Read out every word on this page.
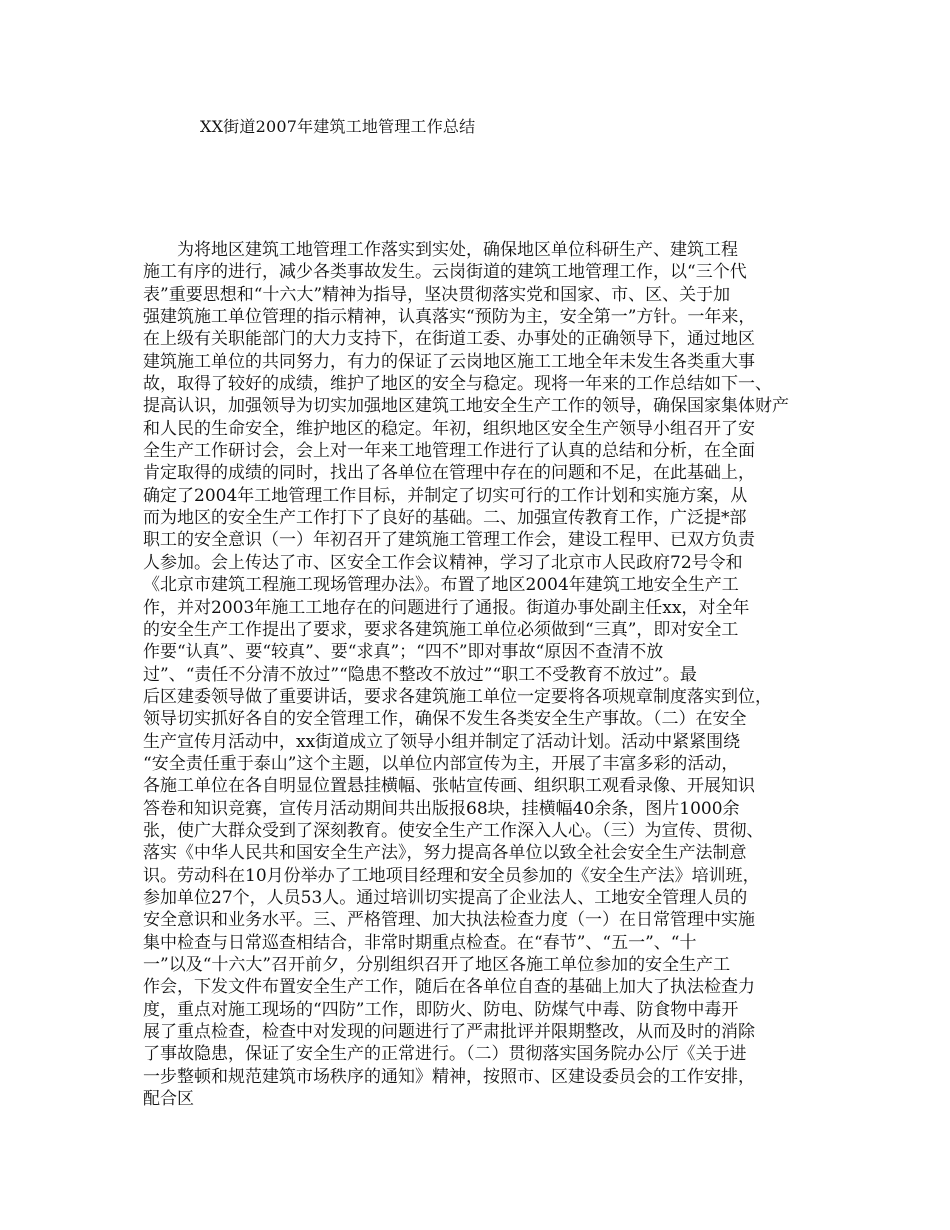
XX街道2007年建筑工地管理工作总结
为将地区建筑工地管理工作落实到实处，确保地区单位科研生产、建筑工程
施工有序的进行，减少各类事故发生。云岗街道的建筑工地管理工作，以“三个代
表”重要思想和“十六大”精神为指导，坚决贯彻落实党和国家、市、区、关于加
强建筑施工单位管理的指示精神，认真落实“预防为主，安全第一”方针。一年来，
在上级有关职能部门的大力支持下，在街道工委、办事处的正确领导下，通过地区
建筑施工单位的共同努力，有力的保证了云岗地区施工工地全年未发生各类重大事
故，取得了较好的成绩，维护了地区的安全与稳定。现将一年来的工作总结如下一、
提高认识，加强领导为切实加强地区建筑工地安全生产工作的领导，确保国家集体财产
和人民的生命安全，维护地区的稳定。年初，组织地区安全生产领导小组召开了安
全生产工作研讨会，会上对一年来工地管理工作进行了认真的总结和分析，在全面
肯定取得的成绩的同时，找出了各单位在管理中存在的问题和不足，在此基础上，
确定了2004年工地管理工作目标，并制定了切实可行的工作计划和实施方案，从
而为地区的安全生产工作打下了良好的基础。二、加强宣传教育工作，广泛提*部
职工的安全意识（一）年初召开了建筑施工管理工作会，建设工程甲、已双方负责
人参加。会上传达了市、区安全工作会议精神，学习了北京市人民政府72号令和
《北京市建筑工程施工现场管理办法》。布置了地区2004年建筑工地安全生产工
作，并对2003年施工工地存在的问题进行了通报。街道办事处副主任xx，对全年
的安全生产工作提出了要求，要求各建筑施工单位必须做到“三真”，即对安全工
作要“认真”、要“较真”、要“求真”；“四不”即对事故“原因不查清不放
过”、“责任不分清不放过”“隐患不整改不放过”“职工不受教育不放过”。最
后区建委领导做了重要讲话，要求各建筑施工单位一定要将各项规章制度落实到位，
领导切实抓好各自的安全管理工作，确保不发生各类安全生产事故。（二）在安全
生产宣传月活动中，xx街道成立了领导小组并制定了活动计划。活动中紧紧围绕
“安全责任重于泰山”这个主题，以单位内部宣传为主，开展了丰富多彩的活动，
各施工单位在各自明显位置悬挂横幅、张帖宣传画、组织职工观看录像、开展知识
答卷和知识竞赛，宣传月活动期间共出版报68块，挂横幅40余条，图片1000余
张，使广大群众受到了深刻教育。使安全生产工作深入人心。（三）为宣传、贯彻、
落实《中华人民共和国安全生产法》，努力提高各单位以致全社会安全生产法制意
识。劳动科在10月份举办了工地项目经理和安全员参加的《安全生产法》培训班，
参加单位27个，人员53人。通过培训切实提高了企业法人、工地安全管理人员的
安全意识和业务水平。三、严格管理、加大执法检查力度（一）在日常管理中实施
集中检查与日常巡查相结合，非常时期重点检查。在“春节”、“五一”、“十
一”以及“十六大”召开前夕，分别组织召开了地区各施工单位参加的安全生产工
作会，下发文件布置安全生产工作，随后在各单位自查的基础上加大了执法检查力
度，重点对施工现场的“四防”工作，即防火、防电、防煤气中毒、防食物中毒开
展了重点检查，检查中对发现的问题进行了严肃批评并限期整改，从而及时的消除
了事故隐患，保证了安全生产的正常进行。（二）贯彻落实国务院办公厅《关于进
一步整顿和规范建筑市场秩序的通知》精神，按照市、区建设委员会的工作安排，
配合区
